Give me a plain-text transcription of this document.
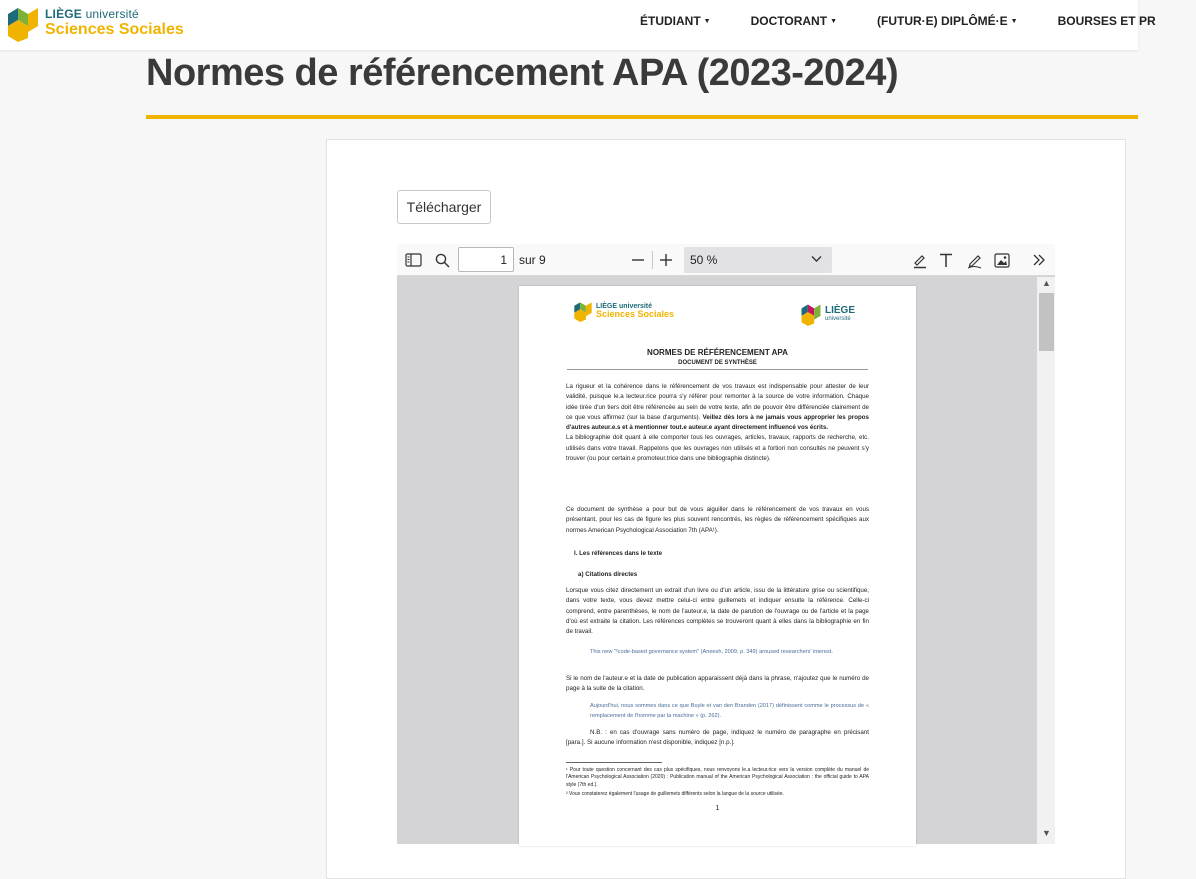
LIÈGE université
Sciences Sociales	ÉTUDIANT ▼	DOCTORANT ▼	(FUTUR·E) DIPLÔMÉ·E ▼	BOURSES ET PR
Normes de référencement APA (2023-2024)
Télécharger
1
sur 9	50 %
LIÈGE université
Sciences Sociales	LIÈGE
université
NORMES DE RÉFÉRENCEMENT APA
DOCUMENT DE SYNTHÈSE
La rigueur et la cohérence dans le référencement de vos travaux est indispensable pour attester de leur validité, puisque le.a lecteur.rice pourra s'y référer pour remonter à la source de votre information. Chaque idée tirée d'un tiers doit être référencée au sein de votre texte, afin de pouvoir être différenciée clairement de ce que vous affirmez (sur la base d'arguments). Veillez dès lors à ne jamais vous approprier les propos d'autres auteur.e.s et à mentionner tout.e auteur.e ayant directement influencé vos écrits.
La bibliographie doit quant à elle comporter tous les ouvrages, articles, travaux, rapports de recherche, etc. utilisés dans votre travail. Rappelons que les ouvrages non utilisés et a fortiori non consultés ne peuvent s'y trouver (ou pour certain.e promoteur.trice dans une bibliographie distincte).
Ce document de synthèse a pour but de vous aiguiller dans le référencement de vos travaux en vous présentant, pour les cas de figure les plus souvent rencontrés, les règles de référencement spécifiques aux normes American Psychological Association 7th (APA¹).
I. Les références dans le texte
a) Citations directes
Lorsque vous citez directement un extrait d'un livre ou d'un article, issu de la littérature grise ou scientifique, dans votre texte, vous devez mettre celui-ci entre guillemets et indiquer ensuite la référence. Celle-ci comprend, entre parenthèses, le nom de l'auteur.e, la date de parution de l'ouvrage ou de l'article et la page d'où est extraite la citation. Les références complètes se trouveront quant à elles dans la bibliographie en fin de travail.
This new "²code-based governance system" (Aneesh, 2009, p. 349) aroused researchers' interest.
Si le nom de l'auteur.e et la date de publication apparaissent déjà dans la phrase, n'ajoutez que le numéro de page à la suite de la citation.
Aujourd'hui, nous sommes dans ce que Buyle et van den Branden (2017) définissent comme le processus de « remplacement de l'homme par la machine » (p. 262).
N.B. : en cas d'ouvrage sans numéro de page, indiquez le numéro de paragraphe en précisant [para.]. Si aucune information n'est disponible, indiquez [n.p.].
¹ Pour toute question concernant des cas plus spécifiques, nous renvoyons le.a lecteur.rice vers la version complète du manuel de l'American Psychological Association (2020) : Publication manual of the American Psychological Association : the official guide to APA style (7th ed.).
² Vous constaterez également l'usage de guillemets différents selon la langue de la source utilisée.
1
▲
▼
